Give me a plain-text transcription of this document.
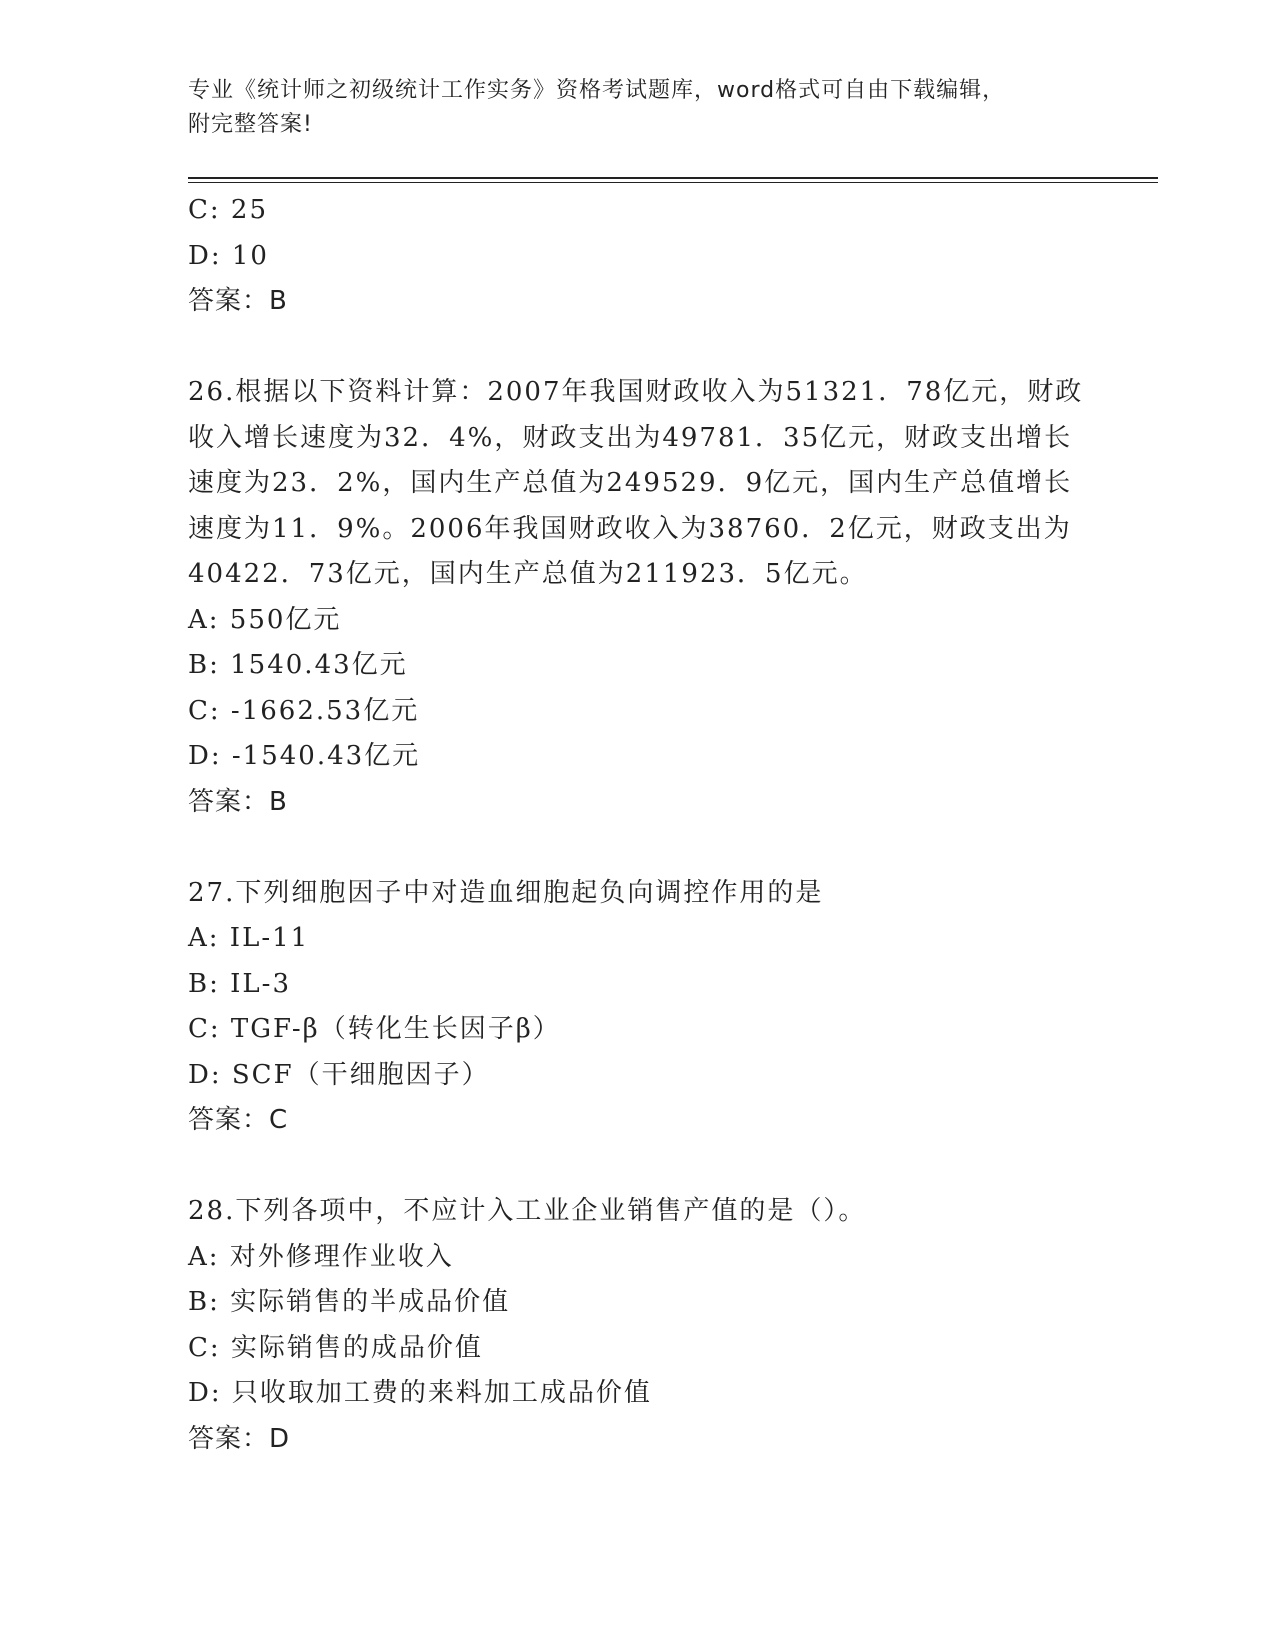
专业《统计师之初级统计工作实务》资格考试题库，word格式可自由下载编辑，
附完整答案!
C: 25
D: 10
答案：B
26.根据以下资料计算：2007年我国财政收入为51321．78亿元，财政
收入增长速度为32．4%，财政支出为49781．35亿元，财政支出增长
速度为23．2%，国内生产总值为249529．9亿元，国内生产总值增长
速度为11．9%。2006年我国财政收入为38760．2亿元，财政支出为
40422．73亿元，国内生产总值为211923．5亿元。
A: 550亿元
B: 1540.43亿元
C: -1662.53亿元
D: -1540.43亿元
答案：B
27.下列细胞因子中对造血细胞起负向调控作用的是
A: IL-11
B: IL-3
C: TGF-β（转化生长因子β）
D: SCF（干细胞因子）
答案：C
28.下列各项中，不应计入工业企业销售产值的是（）。
A: 对外修理作业收入
B: 实际销售的半成品价值
C: 实际销售的成品价值
D: 只收取加工费的来料加工成品价值
答案：D
